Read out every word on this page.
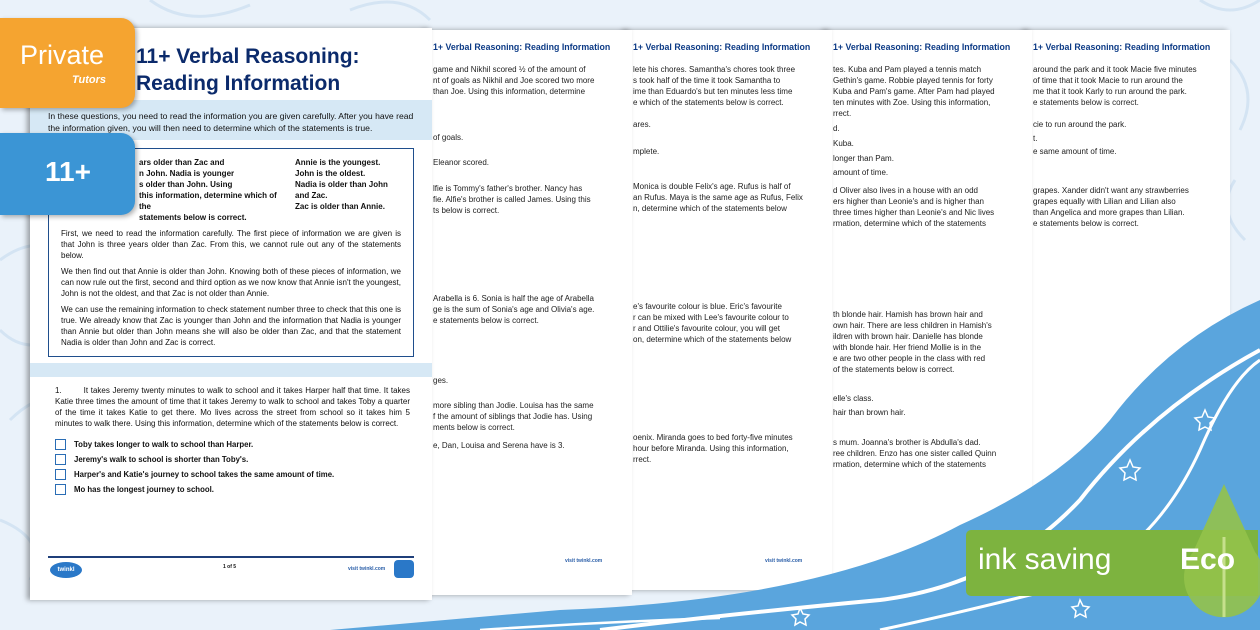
1+ Verbal Reasoning: Reading Information
around the park and it took Macie five minutes
of time that it took Macie to run around the
me that it took Karly to run around the park.
e statements below is correct.
cie to run around the park.
t.
e same amount of time.
grapes. Xander didn't want any strawberries
grapes equally with Lilian and Lilian also
than Angelica and more grapes than Lilian.
e statements below is correct.
1+ Verbal Reasoning: Reading Information
tes. Kuba and Pam played a tennis match
Gethin's game. Robbie played tennis for forty
Kuba and Pam's game. After Pam had played
ten minutes with Zoe. Using this information,
rrect.
d.
Kuba.
longer than Pam.
amount of time.
d Oliver also lives in a house with an odd
ers higher than Leonie's and is higher than
three times higher than Leonie's and Nic lives
rmation, determine which of the statements
th blonde hair. Hamish has brown hair and
own hair. There are less children in Hamish's
ildren with brown hair. Danielle has blonde
with blonde hair. Her friend Mollie is in the
e are two other people in the class with red
of the statements below is correct.
elle's class.
hair than brown hair.
s mum. Joanna's brother is Abdulla's dad.
ree children. Enzo has one sister called Quinn
rmation, determine which of the statements
1+ Verbal Reasoning: Reading Information
visit twinkl.com
lete his chores. Samantha's chores took three
s took half of the time it took Samantha to
ime than Eduardo's but ten minutes less time
e which of the statements below is correct.
ares.
mplete.
Monica is double Felix's age. Rufus is half of
an Rufus. Maya is the same age as Rufus, Felix
n, determine which of the statements below
e's favourite colour is blue. Eric's favourite
r can be mixed with Lee's favourite colour to
r and Ottilie's favourite colour, you will get
on, determine which of the statements below
oenix. Miranda goes to bed forty-five minutes
hour before Miranda. Using this information,
rrect.
1+ Verbal Reasoning: Reading Information
visit twinkl.com
game and Nikhil scored ½ of the amount of
nt of goals as Nikhil and Joe scored two more
than Joe. Using this information, determine
of goals.
Eleanor scored.
lfie is Tommy's father's brother. Nancy has
fie. Alfie's brother is called James. Using this
ts below is correct.
Arabella is 6. Sonia is half the age of Arabella
ge is the sum of Sonia's age and Olivia's age.
e statements below is correct.
ges.
more sibling than Jodie. Louisa has the same
f the amount of siblings that Jodie has. Using
ments below is correct.
e, Dan, Louisa and Serena have is 3.
11+ Verbal Reasoning:
Reading Information
In these questions, you need to read the information you are given carefully. After you have read the information given, you will then need to determine which of the statements is true.
ars older than Zac and
n John. Nadia is younger
s older than John. Using
this information, determine which of the
statements below is correct.
Annie is the youngest.
John is the oldest.
Nadia is older than John and Zac.
Zac is older than Annie.
First, we need to read the information carefully. The first piece of information we are given is that John is three years older than Zac. From this, we cannot rule out any of the statements below.
We then find out that Annie is older than John. Knowing both of these pieces of information, we can now rule out the first, second and third option as we now know that Annie isn't the youngest, John is not the oldest, and that Zac is not older than Annie.
We can use the remaining information to check statement number three to check that this one is true. We already know that Zac is younger than John and the information that Nadia is younger than Annie but older than John means she will also be older than Zac, and that the statement Nadia is older than John and Zac is correct.
1.	It takes Jeremy twenty minutes to walk to school and it takes Harper half that time. It takes Katie three times the amount of time that it takes Jeremy to walk to school and takes Toby a quarter of the time it takes Katie to get there. Mo lives across the street from school so it takes him 5 minutes to walk there. Using this information, determine which of the statements below is correct.
Toby takes longer to walk to school than Harper.
Jeremy's walk to school is shorter than Toby's.
Harper's and Katie's journey to school takes the same amount of time.
Mo has the longest journey to school.
twinkl	1 of 5	visit twinkl.com
Private
Tutors
11+
ink saving Eco
